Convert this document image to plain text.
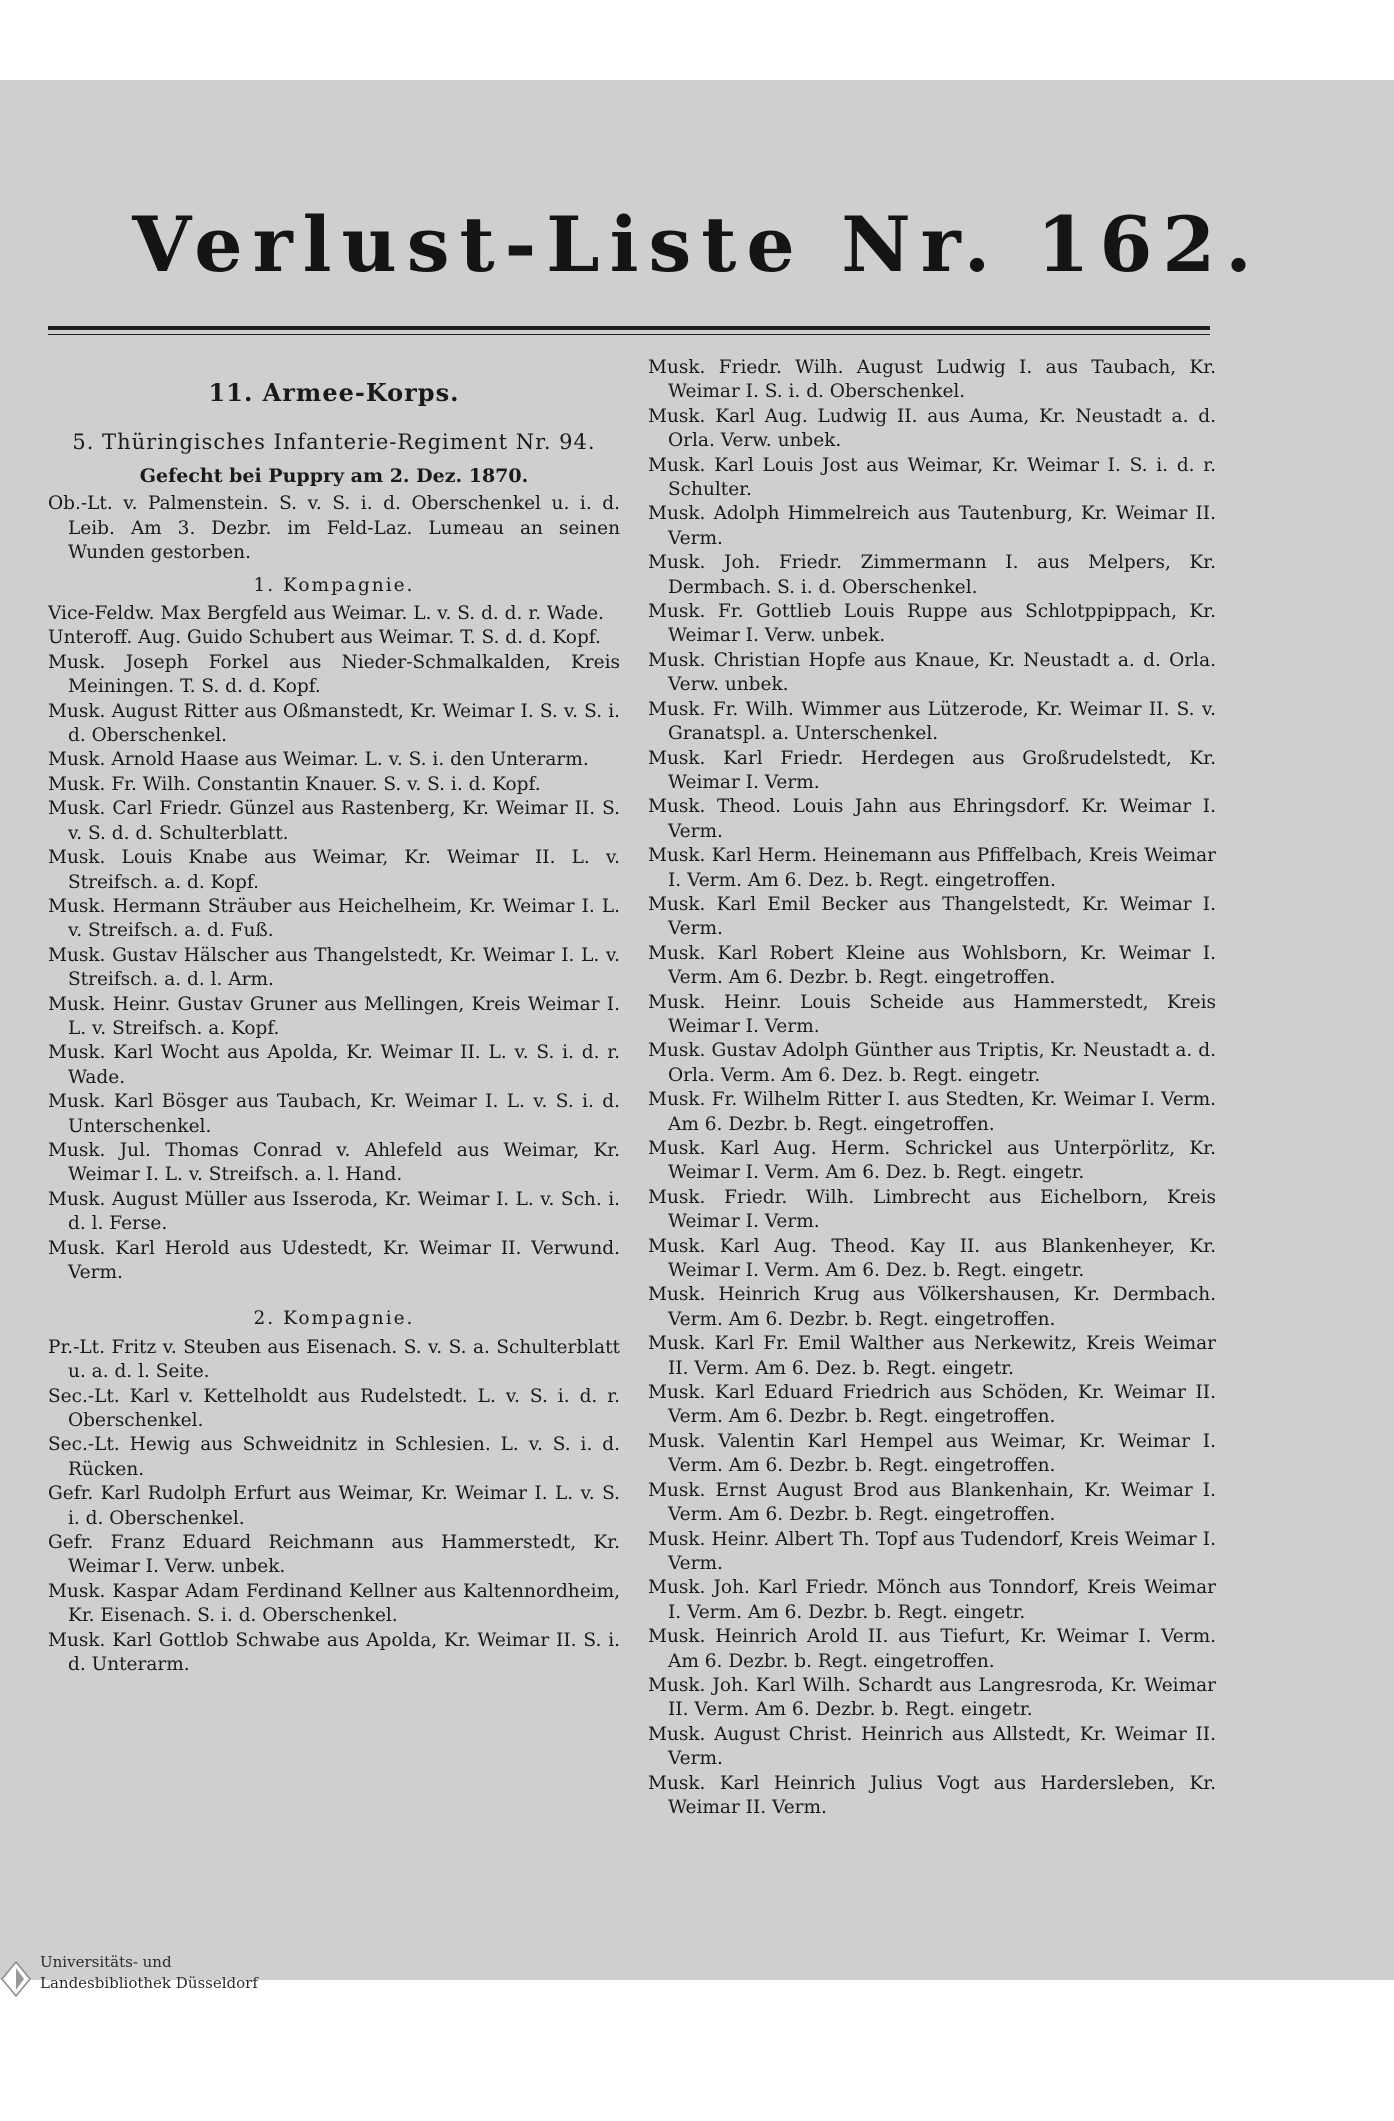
Verlust-Liste Nr. 162.
11. Armee-Korps.
5. Thüringisches Infanterie-Regiment Nr. 94.
Gefecht bei Puppry am 2. Dez. 1870.
Ob.-Lt. v. Palmenstein. S. v. S. i. d. Oberschenkel u. i. d. Leib. Am 3. Dezbr. im Feld-Laz. Lumeau an seinen Wunden gestorben.
1. Kompagnie.
Vice-Feldw. Max Bergfeld aus Weimar. L. v. S. d. d. r. Wade.
Unteroff. Aug. Guido Schubert aus Weimar. T. S. d. d. Kopf.
Musk. Joseph Forkel aus Nieder-Schmalkalden, Kreis Meiningen. T. S. d. d. Kopf.
Musk. August Ritter aus Oßmanstedt, Kr. Weimar I. S. v. S. i. d. Oberschenkel.
Musk. Arnold Haase aus Weimar. L. v. S. i. den Unterarm.
Musk. Fr. Wilh. Constantin Knauer. S. v. S. i. d. Kopf.
Musk. Carl Friedr. Günzel aus Rastenberg, Kr. Weimar II. S. v. S. d. d. Schulterblatt.
Musk. Louis Knabe aus Weimar, Kr. Weimar II. L. v. Streifsch. a. d. Kopf.
Musk. Hermann Sträuber aus Heichelheim, Kr. Weimar I. L. v. Streifsch. a. d. Fuß.
Musk. Gustav Hälscher aus Thangelstedt, Kr. Weimar I. L. v. Streifsch. a. d. l. Arm.
Musk. Heinr. Gustav Gruner aus Mellingen, Kreis Weimar I. L. v. Streifsch. a. Kopf.
Musk. Karl Wocht aus Apolda, Kr. Weimar II. L. v. S. i. d. r. Wade.
Musk. Karl Bösger aus Taubach, Kr. Weimar I. L. v. S. i. d. Unterschenkel.
Musk. Jul. Thomas Conrad v. Ahlefeld aus Weimar, Kr. Weimar I. L. v. Streifsch. a. l. Hand.
Musk. August Müller aus Isseroda, Kr. Weimar I. L. v. Sch. i. d. l. Ferse.
Musk. Karl Herold aus Udestedt, Kr. Weimar II. Verwund. Verm.
2. Kompagnie.
Pr.-Lt. Fritz v. Steuben aus Eisenach. S. v. S. a. Schulterblatt u. a. d. l. Seite.
Sec.-Lt. Karl v. Kettelholdt aus Rudelstedt. L. v. S. i. d. r. Oberschenkel.
Sec.-Lt. Hewig aus Schweidnitz in Schlesien. L. v. S. i. d. Rücken.
Gefr. Karl Rudolph Erfurt aus Weimar, Kr. Weimar I. L. v. S. i. d. Oberschenkel.
Gefr. Franz Eduard Reichmann aus Hammerstedt, Kr. Weimar I. Verw. unbek.
Musk. Kaspar Adam Ferdinand Kellner aus Kaltennordheim, Kr. Eisenach. S. i. d. Oberschenkel.
Musk. Karl Gottlob Schwabe aus Apolda, Kr. Weimar II. S. i. d. Unterarm.
Musk. Friedr. Wilh. August Ludwig I. aus Taubach, Kr. Weimar I. S. i. d. Oberschenkel.
Musk. Karl Aug. Ludwig II. aus Auma, Kr. Neustadt a. d. Orla. Verw. unbek.
Musk. Karl Louis Jost aus Weimar, Kr. Weimar I. S. i. d. r. Schulter.
Musk. Adolph Himmelreich aus Tautenburg, Kr. Weimar II. Verm.
Musk. Joh. Friedr. Zimmermann I. aus Melpers, Kr. Dermbach. S. i. d. Oberschenkel.
Musk. Fr. Gottlieb Louis Ruppe aus Schlotppippach, Kr. Weimar I. Verw. unbek.
Musk. Christian Hopfe aus Knaue, Kr. Neustadt a. d. Orla. Verw. unbek.
Musk. Fr. Wilh. Wimmer aus Lützerode, Kr. Weimar II. S. v. Granatspl. a. Unterschenkel.
Musk. Karl Friedr. Herdegen aus Großrudelstedt, Kr. Weimar I. Verm.
Musk. Theod. Louis Jahn aus Ehringsdorf. Kr. Weimar I. Verm.
Musk. Karl Herm. Heinemann aus Pfiffelbach, Kreis Weimar I. Verm. Am 6. Dez. b. Regt. eingetroffen.
Musk. Karl Emil Becker aus Thangelstedt, Kr. Weimar I. Verm.
Musk. Karl Robert Kleine aus Wohlsborn, Kr. Weimar I. Verm. Am 6. Dezbr. b. Regt. eingetroffen.
Musk. Heinr. Louis Scheide aus Hammerstedt, Kreis Weimar I. Verm.
Musk. Gustav Adolph Günther aus Triptis, Kr. Neustadt a. d. Orla. Verm. Am 6. Dez. b. Regt. eingetr.
Musk. Fr. Wilhelm Ritter I. aus Stedten, Kr. Weimar I. Verm. Am 6. Dezbr. b. Regt. eingetroffen.
Musk. Karl Aug. Herm. Schrickel aus Unterpörlitz, Kr. Weimar I. Verm. Am 6. Dez. b. Regt. eingetr.
Musk. Friedr. Wilh. Limbrecht aus Eichelborn, Kreis Weimar I. Verm.
Musk. Karl Aug. Theod. Kay II. aus Blankenheyer, Kr. Weimar I. Verm. Am 6. Dez. b. Regt. eingetr.
Musk. Heinrich Krug aus Völkershausen, Kr. Dermbach. Verm. Am 6. Dezbr. b. Regt. eingetroffen.
Musk. Karl Fr. Emil Walther aus Nerkewitz, Kreis Weimar II. Verm. Am 6. Dez. b. Regt. eingetr.
Musk. Karl Eduard Friedrich aus Schöden, Kr. Weimar II. Verm. Am 6. Dezbr. b. Regt. eingetroffen.
Musk. Valentin Karl Hempel aus Weimar, Kr. Weimar I. Verm. Am 6. Dezbr. b. Regt. eingetroffen.
Musk. Ernst August Brod aus Blankenhain, Kr. Weimar I. Verm. Am 6. Dezbr. b. Regt. eingetroffen.
Musk. Heinr. Albert Th. Topf aus Tudendorf, Kreis Weimar I. Verm.
Musk. Joh. Karl Friedr. Mönch aus Tonndorf, Kreis Weimar I. Verm. Am 6. Dezbr. b. Regt. eingetr.
Musk. Heinrich Arold II. aus Tiefurt, Kr. Weimar I. Verm. Am 6. Dezbr. b. Regt. eingetroffen.
Musk. Joh. Karl Wilh. Schardt aus Langresroda, Kr. Weimar II. Verm. Am 6. Dezbr. b. Regt. eingetr.
Musk. August Christ. Heinrich aus Allstedt, Kr. Weimar II. Verm.
Musk. Karl Heinrich Julius Vogt aus Hardersleben, Kr. Weimar II. Verm.
Universitäts- und
Landesbibliothek Düsseldorf
